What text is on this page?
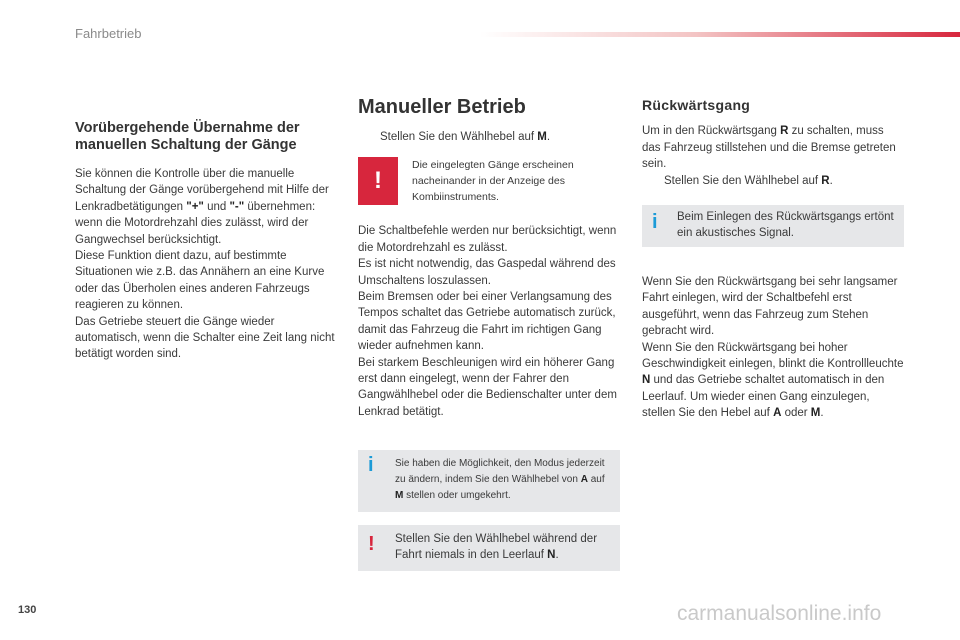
Fahrbetrieb
Vorübergehende Übernahme der manuellen Schaltung der Gänge

Sie können die Kontrolle über die manuelle Schaltung der Gänge vorübergehend mit Hilfe der Lenkradbetätigungen "+" und "-" übernehmen: wenn die Motordrehzahl dies zulässt, wird der Gangwechsel berücksichtigt.

Diese Funktion dient dazu, auf bestimmte Situationen wie z.B. das Annähern an eine Kurve oder das Überholen eines anderen Fahrzeugs reagieren zu können.

Das Getriebe steuert die Gänge wieder automatisch, wenn die Schalter eine Zeit lang nicht betätigt worden sind.

Manueller Betrieb

Stellen Sie den Wählhebel auf M.

!
Die eingelegten Gänge erscheinen nacheinander in der Anzeige des Kombiinstruments.

Die Schaltbefehle werden nur berücksichtigt, wenn die Motordrehzahl es zulässt.

Es ist nicht notwendig, das Gaspedal während des Umschaltens loszulassen.

Beim Bremsen oder bei einer Verlangsamung des Tempos schaltet das Getriebe automatisch zurück, damit das Fahrzeug die Fahrt im richtigen Gang wieder aufnehmen kann.

Bei starkem Beschleunigen wird ein höherer Gang erst dann eingelegt, wenn der Fahrer den Gangwählhebel oder die Bedienschalter unter dem Lenkrad betätigt.

i Sie haben die Möglichkeit, den Modus jederzeit zu ändern, indem Sie den Wählhebel von A auf M stellen oder umgekehrt.
! Stellen Sie den Wählhebel während der Fahrt niemals in den Leerlauf N.
Rückwärtsgang

Um in den Rückwärtsgang R zu schalten, muss das Fahrzeug stillstehen und die Bremse getreten sein.

Stellen Sie den Wählhebel auf R.

i Beim Einlegen des Rückwärtsgangs ertönt ein akustisches Signal.

Wenn Sie den Rückwärtsgang bei sehr langsamer Fahrt einlegen, wird der Schaltbefehl erst ausgeführt, wenn das Fahrzeug zum Stehen gebracht wird.

Wenn Sie den Rückwärtsgang bei hoher Geschwindigkeit einlegen, blinkt die Kontrollleuchte N und das Getriebe schaltet automatisch in den Leerlauf. Um wieder einen Gang einzulegen, stellen Sie den Hebel auf A oder M.

130	carmanualsonline.info
